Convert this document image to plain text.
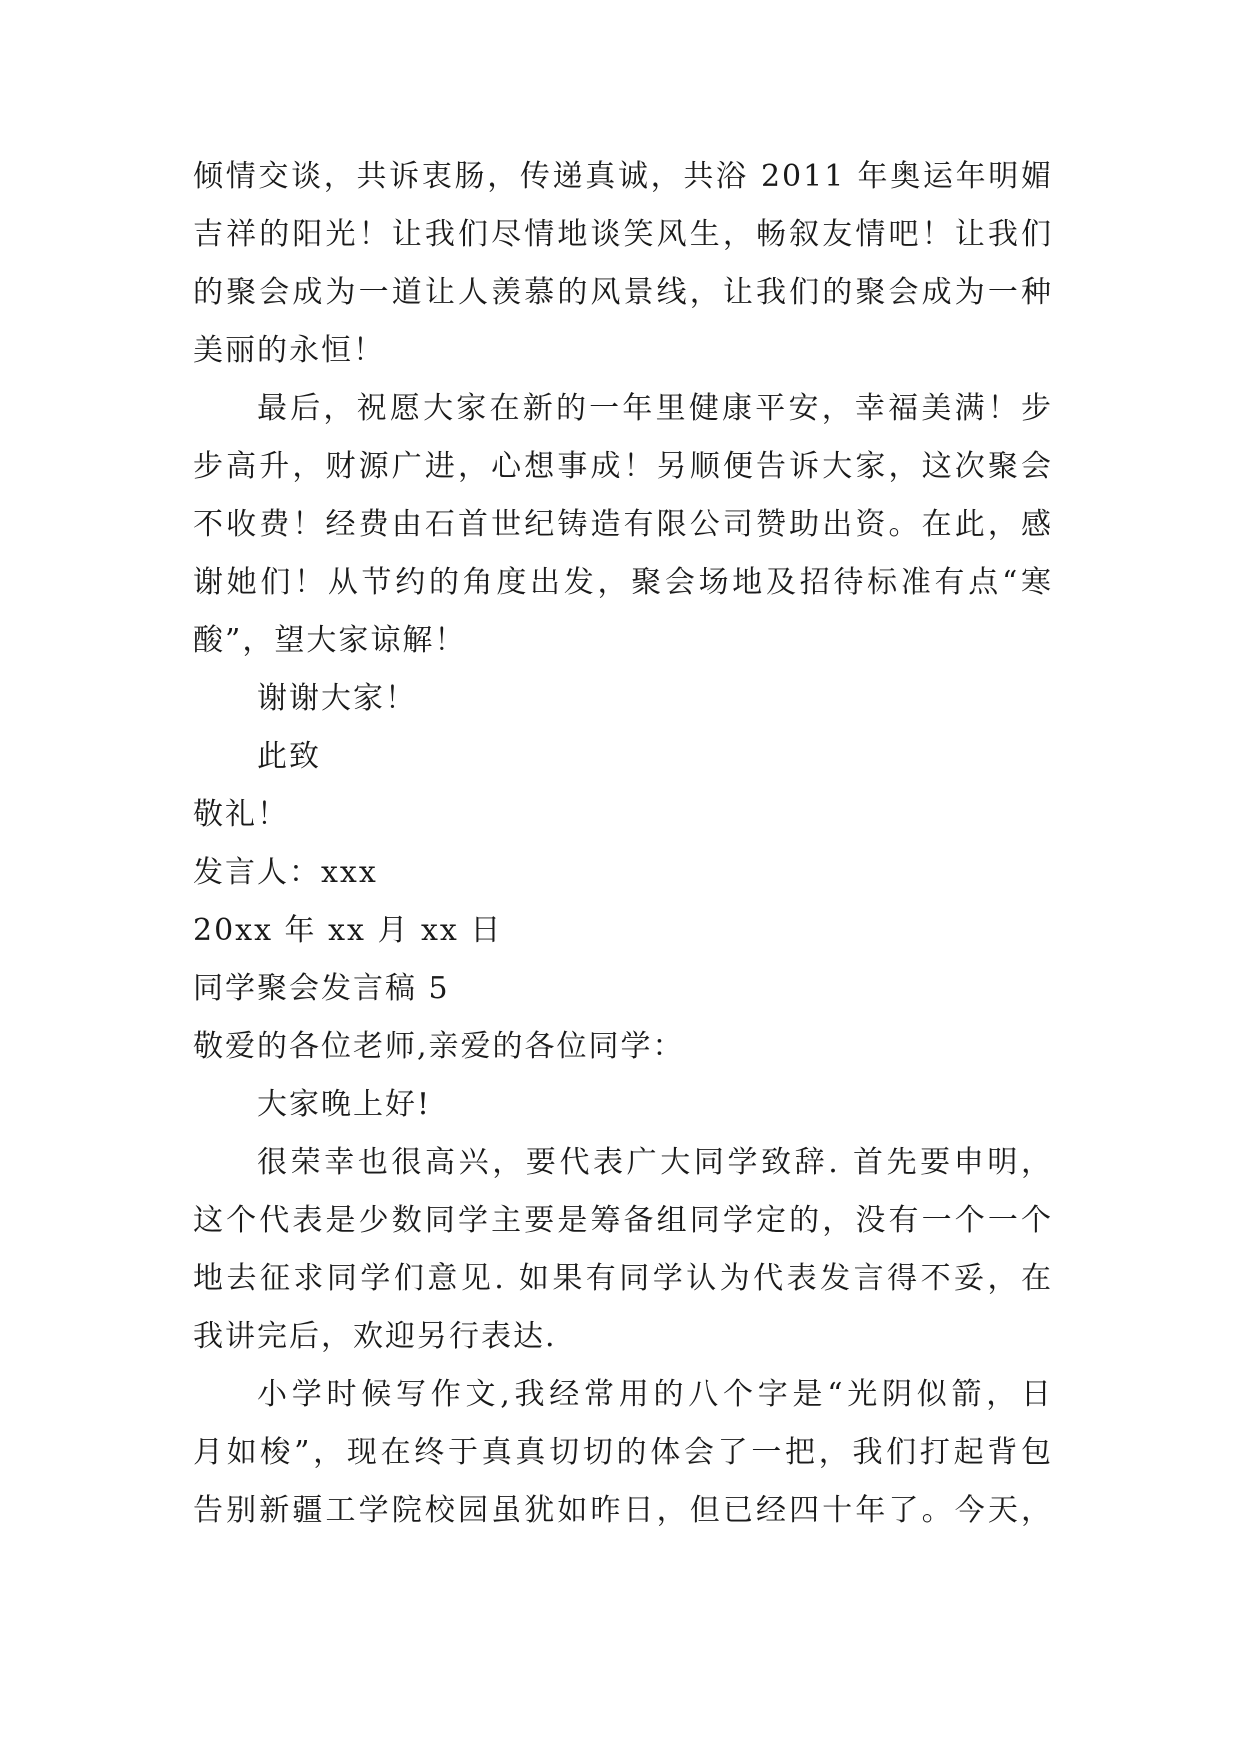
倾情交谈，共诉衷肠，传递真诚，共浴 2011 年奥运年明媚
吉祥的阳光！让我们尽情地谈笑风生，畅叙友情吧！让我们
的聚会成为一道让人羡慕的风景线，让我们的聚会成为一种
美丽的永恒！
最后，祝愿大家在新的一年里健康平安，幸福美满！步
步高升，财源广进，心想事成！另顺便告诉大家，这次聚会
不收费！经费由石首世纪铸造有限公司赞助出资。在此，感
谢她们！从节约的角度出发，聚会场地及招待标准有点“寒
酸”，望大家谅解！
谢谢大家！
此致
敬礼！
发言人：xxx
20xx 年 xx 月 xx 日
同学聚会发言稿 5
敬爱的各位老师,亲爱的各位同学：
大家晚上好!
很荣幸也很高兴，要代表广大同学致辞. 首先要申明，
这个代表是少数同学主要是筹备组同学定的，没有一个一个
地去征求同学们意见. 如果有同学认为代表发言得不妥，在
我讲完后，欢迎另行表达.
小学时候写作文,我经常用的八个字是“光阴似箭，日
月如梭”，现在终于真真切切的体会了一把，我们打起背包
告别新疆工学院校园虽犹如昨日，但已经四十年了。今天，
